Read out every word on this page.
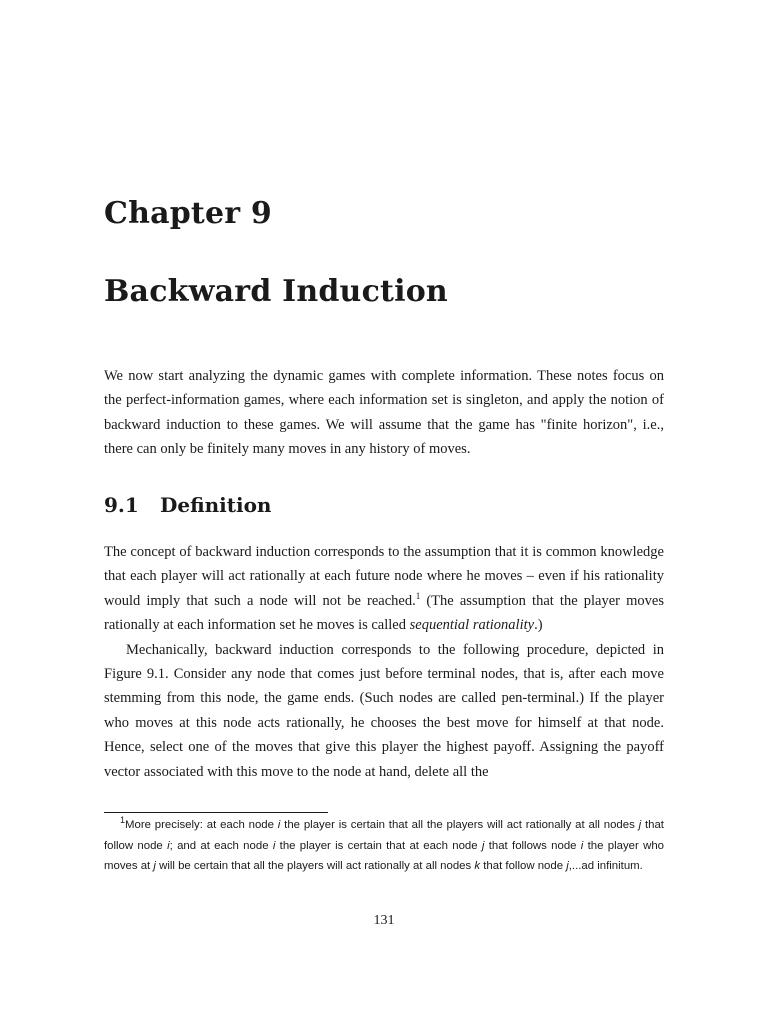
Chapter 9
Backward Induction

We now start analyzing the dynamic games with complete information. These notes focus on the perfect-information games, where each information set is singleton, and apply the notion of backward induction to these games. We will assume that the game has "finite horizon", i.e., there can only be finitely many moves in any history of moves.

9.1 Definition

The concept of backward induction corresponds to the assumption that it is common knowledge that each player will act rationally at each future node where he moves – even if his rationality would imply that such a node will not be reached.$^1$ (The assumption that the player moves rationally at each information set he moves is called sequential rationality.)

Mechanically, backward induction corresponds to the following procedure, depicted in Figure 9.1. Consider any node that comes just before terminal nodes, that is, after each move stemming from this node, the game ends. (Such nodes are called pen-terminal.) If the player who moves at this node acts rationally, he chooses the best move for himself at that node. Hence, select one of the moves that give this player the highest payoff. Assigning the payoff vector associated with this move to the node at hand, delete all the

$^1$More precisely: at each node i the player is certain that all the players will act rationally at all nodes j that follow node i; and at each node i the player is certain that at each node j that follows node i the player who moves at j will be certain that all the players will act rationally at all nodes k that follow node j,...ad infinitum.

131
